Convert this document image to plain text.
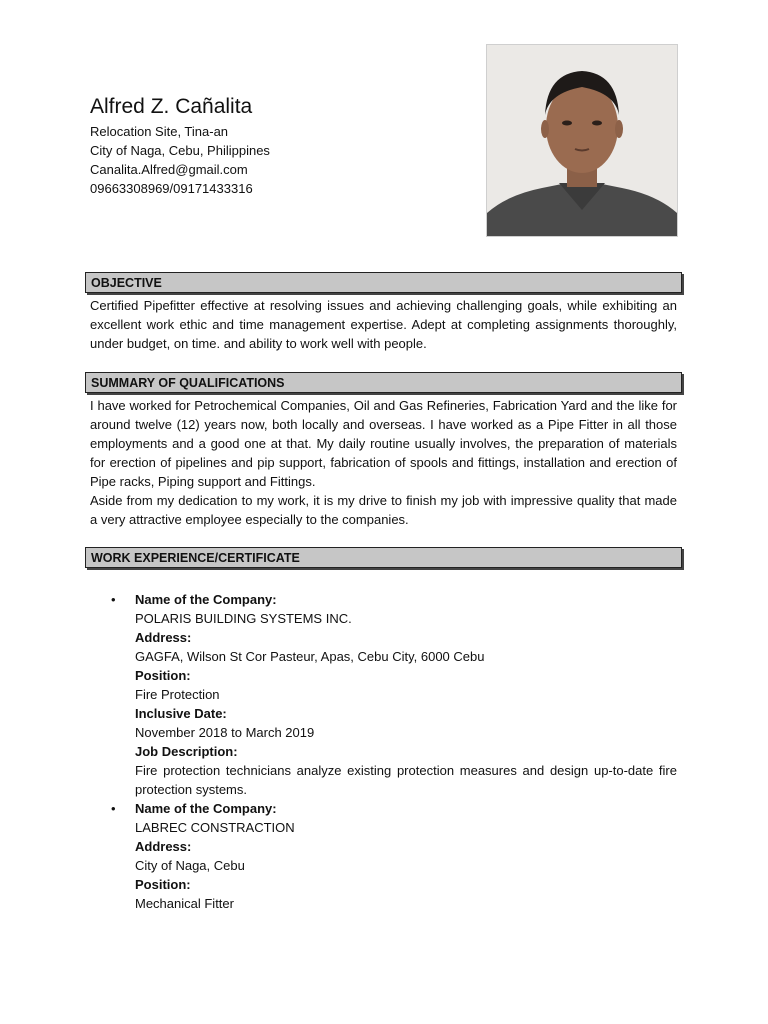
Alfred Z. Cañalita
Relocation Site, Tina-an
City of Naga, Cebu, Philippines
Canalita.Alfred@gmail.com
09663308969/09171433316
OBJECTIVE

Certified Pipefitter effective at resolving issues and achieving challenging goals, while exhibiting an excellent work ethic and time management expertise. Adept at completing assignments thoroughly, under budget, on time. and ability to work well with people.

SUMMARY OF QUALIFICATIONS

I have worked for Petrochemical Companies, Oil and Gas Refineries, Fabrication Yard and the like for around twelve (12) years now, both locally and overseas. I have worked as a Pipe Fitter in all those employments and a good one at that. My daily routine usually involves, the preparation of materials for erection of pipelines and pip support, fabrication of spools and fittings, installation and erection of Pipe racks, Piping support and Fittings.

Aside from my dedication to my work, it is my drive to finish my job with impressive quality that made a very attractive employee especially to the companies.

WORK EXPERIENCE/CERTIFICATE
• Name of the Company:
POLARIS BUILDING SYSTEMS INC.
Address:
GAGFA, Wilson St Cor Pasteur, Apas, Cebu City, 6000 Cebu
Position:
Fire Protection
Inclusive Date:
November 2018 to March 2019
Job Description:
Fire protection technicians analyze existing protection measures and design up-to-date fire protection systems.
• Name of the Company:
LABREC CONSTRACTION
Address:
City of Naga, Cebu
Position:
Mechanical Fitter
